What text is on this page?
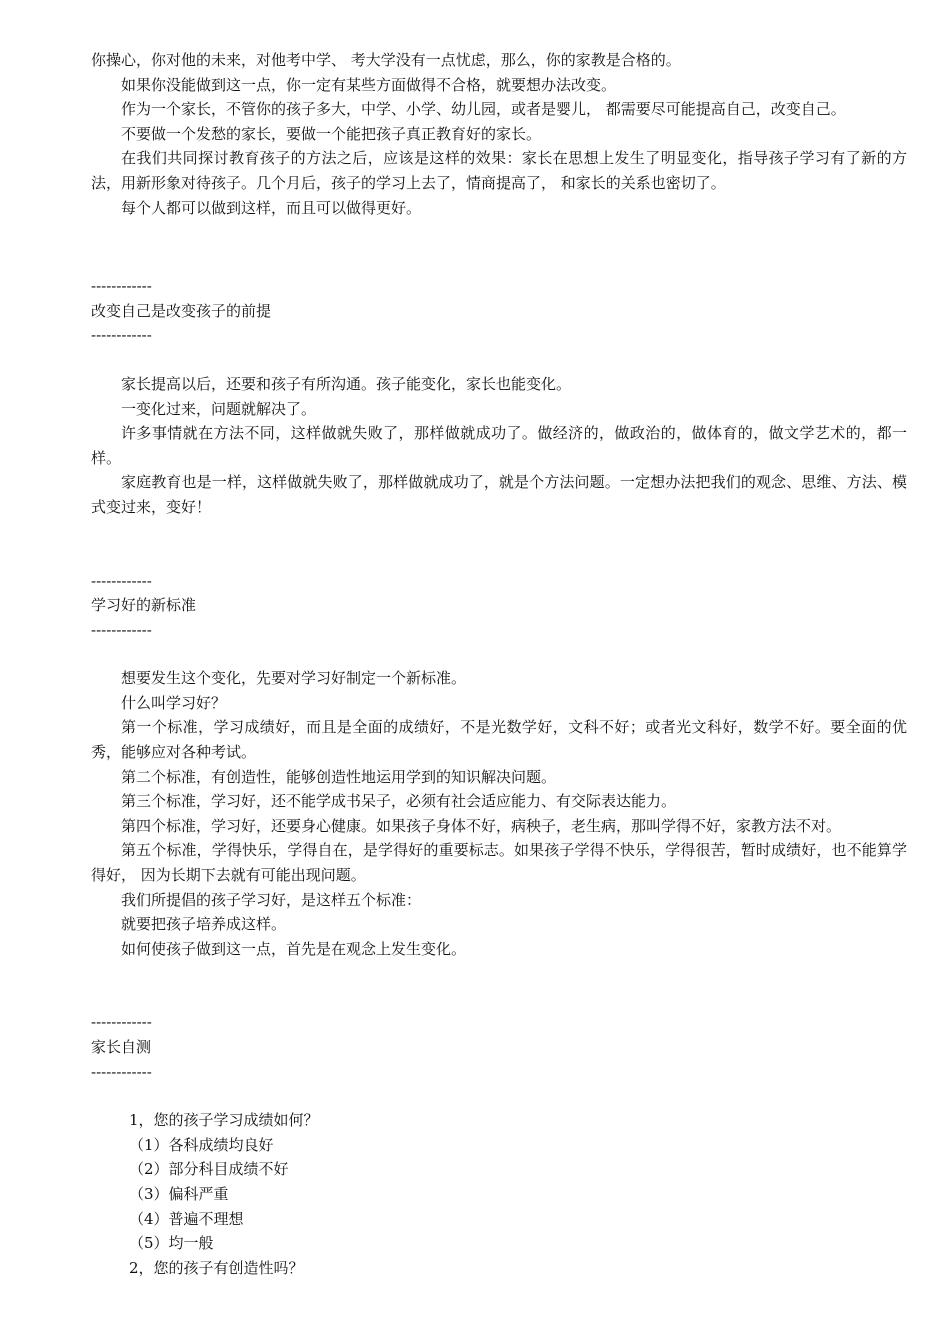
你操心，你对他的未来，对他考中学、 考大学没有一点忧虑，那么，你的家教是合格的。

如果你没能做到这一点，你一定有某些方面做得不合格，就要想办法改变。

作为一个家长，不管你的孩子多大，中学、小学、幼儿园，或者是婴儿， 都需要尽可能提高自己，改变自己。

不要做一个发愁的家长，要做一个能把孩子真正教育好的家长。

在我们共同探讨教育孩子的方法之后，应该是这样的效果：家长在思想上发生了明显变化，指导孩子学习有了新的方法，用新形象对待孩子。几个月后，孩子的学习上去了，情商提高了， 和家长的关系也密切了。

每个人都可以做到这样，而且可以做得更好。

------------

改变自己是改变孩子的前提

------------

家长提高以后，还要和孩子有所沟通。孩子能变化，家长也能变化。

一变化过来，问题就解决了。

许多事情就在方法不同，这样做就失败了，那样做就成功了。做经济的，做政治的，做体育的，做文学艺术的，都一样。

家庭教育也是一样，这样做就失败了，那样做就成功了，就是个方法问题。一定想办法把我们的观念、思维、方法、模式变过来，变好！

------------

学习好的新标准

------------

想要发生这个变化，先要对学习好制定一个新标准。

什么叫学习好？

第一个标准，学习成绩好，而且是全面的成绩好，不是光数学好，文科不好；或者光文科好，数学不好。要全面的优秀，能够应对各种考试。

第二个标准，有创造性，能够创造性地运用学到的知识解决问题。

第三个标准，学习好，还不能学成书呆子，必须有社会适应能力、有交际表达能力。

第四个标准，学习好，还要身心健康。如果孩子身体不好，病秧子，老生病，那叫学得不好，家教方法不对。

第五个标准，学得快乐，学得自在，是学得好的重要标志。如果孩子学得不快乐，学得很苦，暂时成绩好，也不能算学得好， 因为长期下去就有可能出现问题。

我们所提倡的孩子学习好，是这样五个标准：

就要把孩子培养成这样。

如何使孩子做到这一点，首先是在观念上发生变化。

------------

家长自测

------------

1，您的孩子学习成绩如何？

（1）各科成绩均良好

（2）部分科目成绩不好

（3）偏科严重

（4）普遍不理想

（5）均一般

2，您的孩子有创造性吗？
